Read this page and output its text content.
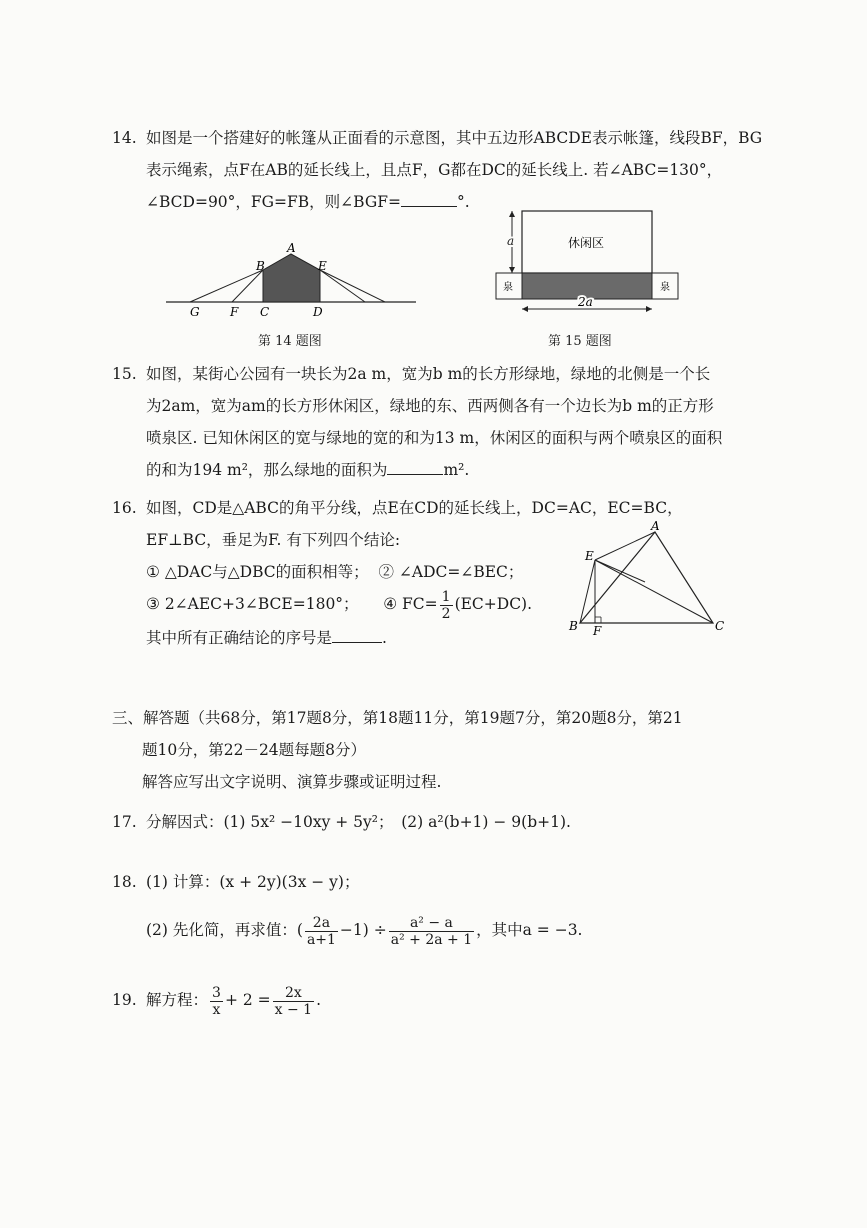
14. 如图是一个搭建好的帐篷从正面看的示意图，其中五边形ABCDE表示帐篷，线段BF，BG
表示绳索，点F在AB的延长线上，且点F，G都在DC的延长线上. 若∠ABC=130°，
∠BCD=90°，FG=FB，则∠BGF=	°.
A
B	E
G	F C	D
第 14 题图
休闲区
a
2a
泉	泉
第 15 题图
15. 如图，某街心公园有一块长为2a m，宽为b m的长方形绿地，绿地的北侧是一个长
为2am，宽为am的长方形休闲区，绿地的东、西两侧各有一个边长为b m的正方形
喷泉区. 已知休闲区的宽与绿地的宽的和为13 m，休闲区的面积与两个喷泉区的面积
的和为194 m²，那么绿地的面积为	m².
16. 如图，CD是△ABC的角平分线，点E在CD的延长线上，DC=AC，EC=BC，
EF⊥BC，垂足为F. 有下列四个结论:
① △DAC与△DBC的面积相等； ② ∠ADC=∠BEC；
③ 2∠AEC+3∠BCE=180°； ④ $FC= \frac{1}{2} (EC+DC)$.
其中所有正确结论的序号是	.
A
E
B F	C
三、解答题（共68分，第17题8分，第18题11分，第19题7分，第20题8分，第21
题10分，第22－24题每题8分）
解答应写出文字说明、演算步骤或证明过程.
17. 分解因式：(1) 5x² −10xy + 5y²；　(2) a²(b+1) − 9(b+1).
18. (1) 计算：(x + 2y)(3x − y)；
(2) 先化简，再求值：( $\frac{2a}{a+1} -1) \div \frac{\text{a² − a}}{\text{a² + 2a + 1}}$ ，其中a = −3.
19. 解方程： $\frac{3}{x} + 2 = \frac{2x}{x - 1}$ .
